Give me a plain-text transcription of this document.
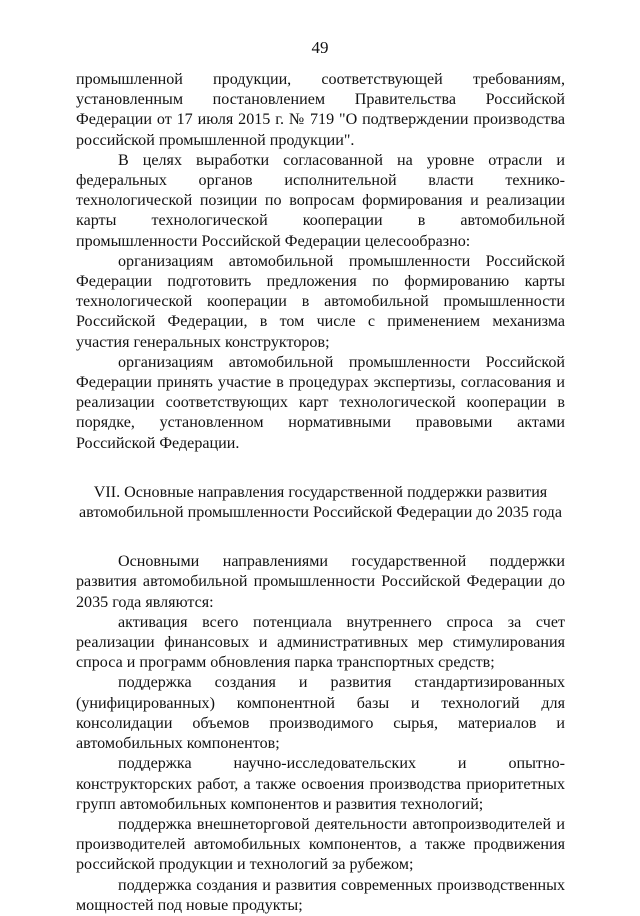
49

промышленной продукции, соответствующей требованиям, установленным постановлением Правительства Российской Федерации от 17 июля 2015 г. № 719 "О подтверждении производства российской промышленной продукции".

В целях выработки согласованной на уровне отрасли и федеральных органов исполнительной власти технико-технологической позиции по вопросам формирования и реализации карты технологической кооперации в автомобильной промышленности Российской Федерации целесообразно:

организациям автомобильной промышленности Российской Федерации подготовить предложения по формированию карты технологической кооперации в автомобильной промышленности Российской Федерации, в том числе с применением механизма участия генеральных конструкторов;

организациям автомобильной промышленности Российской Федерации принять участие в процедурах экспертизы, согласования и реализации соответствующих карт технологической кооперации в порядке, установленном нормативными правовыми актами Российской Федерации.

VII. Основные направления государственной поддержки развития
автомобильной промышленности Российской Федерации до 2035 года

Основными направлениями государственной поддержки развития автомобильной промышленности Российской Федерации до 2035 года являются:

активация всего потенциала внутреннего спроса за счет реализации финансовых и административных мер стимулирования спроса и программ обновления парка транспортных средств;

поддержка создания и развития стандартизированных (унифицированных) компонентной базы и технологий для консолидации объемов производимого сырья, материалов и автомобильных компонентов;

поддержка научно-исследовательских и опытно-конструкторских работ, а также освоения производства приоритетных групп автомобильных компонентов и развития технологий;

поддержка внешнеторговой деятельности автопроизводителей и производителей автомобильных компонентов, а также продвижения российской продукции и технологий за рубежом;

поддержка создания и развития современных производственных мощностей под новые продукты;
